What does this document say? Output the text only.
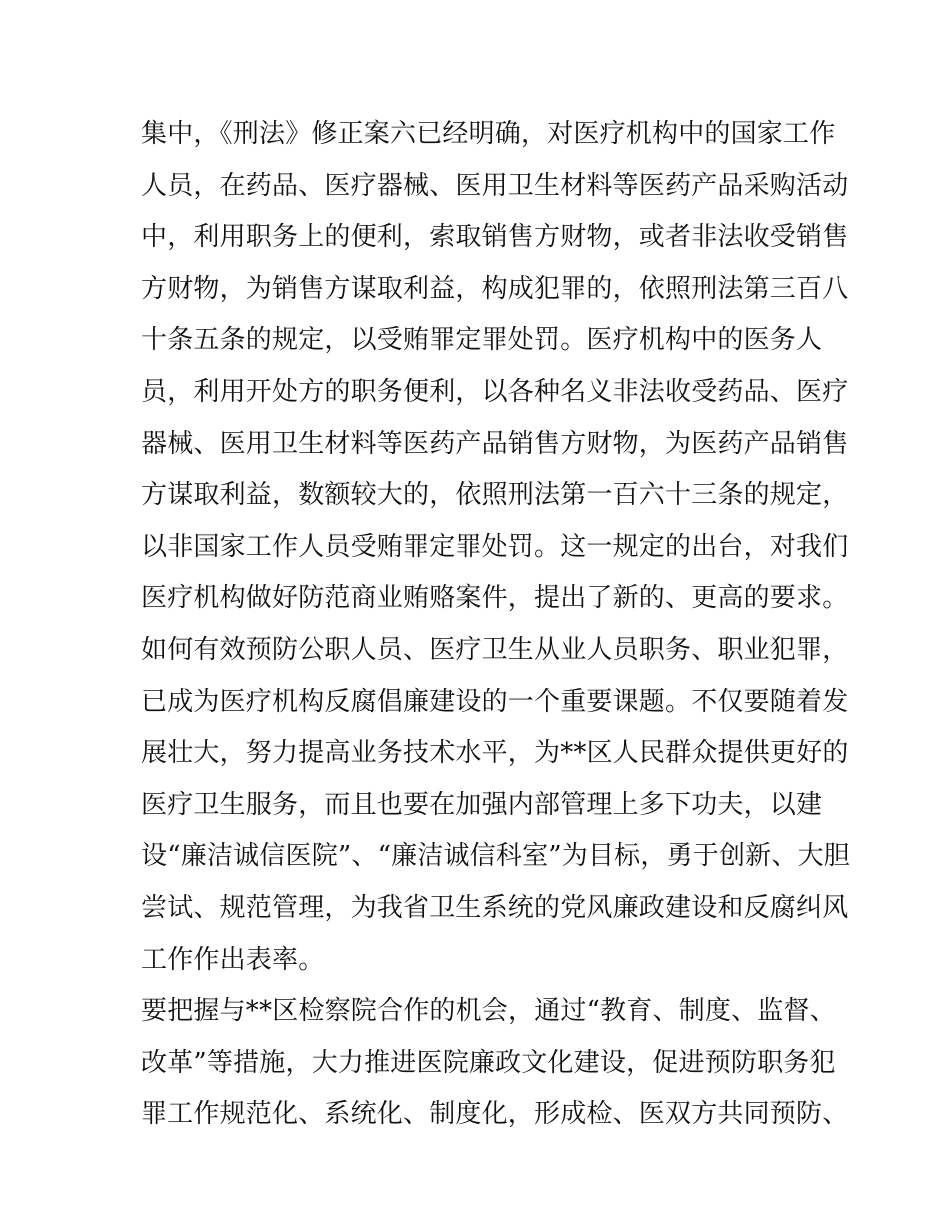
集中，《刑法》修正案六已经明确，对医疗机构中的国家工作
人员，在药品、医疗器械、医用卫生材料等医药产品采购活动
中，利用职务上的便利，索取销售方财物，或者非法收受销售
方财物，为销售方谋取利益，构成犯罪的，依照刑法第三百八
十条五条的规定，以受贿罪定罪处罚。医疗机构中的医务人
员，利用开处方的职务便利，以各种名义非法收受药品、医疗
器械、医用卫生材料等医药产品销售方财物，为医药产品销售
方谋取利益，数额较大的，依照刑法第一百六十三条的规定，
以非国家工作人员受贿罪定罪处罚。这一规定的出台，对我们
医疗机构做好防范商业贿赂案件，提出了新的、更高的要求。
如何有效预防公职人员、医疗卫生从业人员职务、职业犯罪，
已成为医疗机构反腐倡廉建设的一个重要课题。不仅要随着发
展壮大，努力提高业务技术水平，为**区人民群众提供更好的
医疗卫生服务，而且也要在加强内部管理上多下功夫，以建
设“廉洁诚信医院”、“廉洁诚信科室”为目标，勇于创新、大胆
尝试、规范管理，为我省卫生系统的党风廉政建设和反腐纠风
工作作出表率。
要把握与**区检察院合作的机会，通过“教育、制度、监督、
改革”等措施，大力推进医院廉政文化建设，促进预防职务犯
罪工作规范化、系统化、制度化，形成检、医双方共同预防、
